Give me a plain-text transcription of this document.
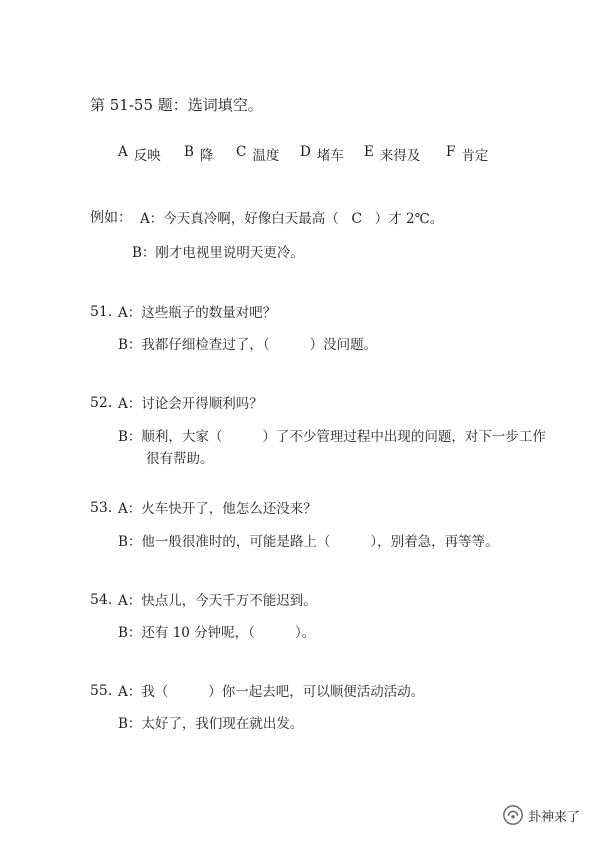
第 51-55 题：选词填空。
A 反映 B 降 C 温度 D 堵车 E 来得及 F 肯定
例如： A：今天真冷啊，好像白天最高（ C ）才 2℃。
B：刚才电视里说明天更冷。
51．
A：这些瓶子的数量对吧？
B：我都仔细检查过了，（	）没问题。
52．
A：讨论会开得顺利吗？
B：顺利，大家（	）了不少管理过程中出现的问题，对下一步工作
很有帮助。
53．
A：火车快开了，他怎么还没来？
B：他一般很准时的，可能是路上（	），别着急，再等等。
54．
A：快点儿，今天千万不能迟到。
B：还有 10 分钟呢，（	）。
55．
A：我（	）你一起去吧，可以顺便活动活动。
B：太好了，我们现在就出发。
卦神来了
